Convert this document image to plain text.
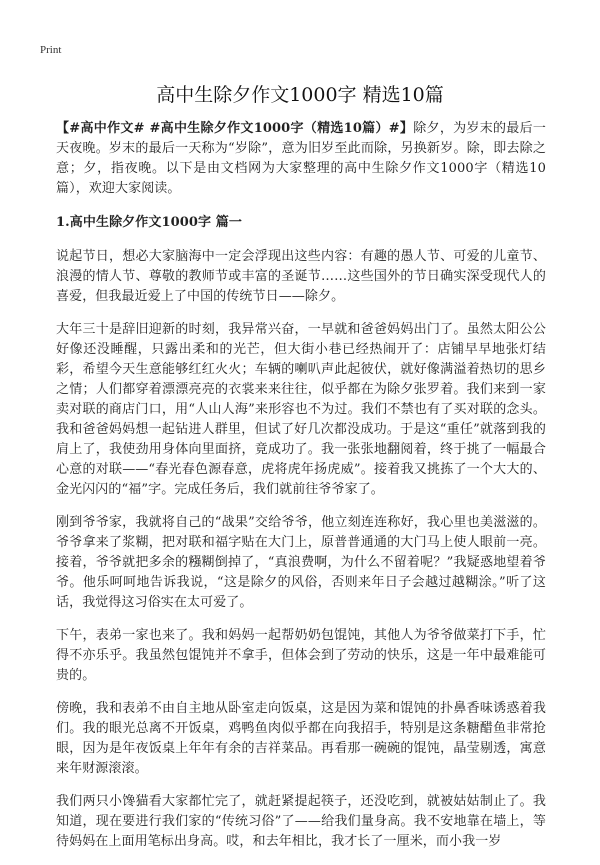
Print
高中生除夕作文1000字 精选10篇

【#高中作文# #高中生除夕作文1000字（精选10篇）#】除夕，为岁末的最后一天夜晚。岁末的最后一天称为“岁除”，意为旧岁至此而除，另换新岁。除，即去除之意；夕，指夜晚。以下是由文档网为大家整理的高中生除夕作文1000字（精选10篇），欢迎大家阅读。

1.高中生除夕作文1000字 篇一

说起节日，想必大家脑海中一定会浮现出这些内容：有趣的愚人节、可爱的儿童节、浪漫的情人节、尊敬的教师节或丰富的圣诞节……这些国外的节日确实深受现代人的喜爱，但我最近爱上了中国的传统节日——除夕。

大年三十是辞旧迎新的时刻，我异常兴奋，一早就和爸爸妈妈出门了。虽然太阳公公好像还没睡醒，只露出柔和的光芒，但大街小巷已经热闹开了：店铺早早地张灯结彩，希望今天生意能够红红火火；车辆的喇叭声此起彼伏，就好像满溢着热切的思乡之情；人们都穿着漂漂亮亮的衣裳来来往往，似乎都在为除夕张罗着。我们来到一家卖对联的商店门口，用“人山人海”来形容也不为过。我们不禁也有了买对联的念头。我和爸爸妈妈想一起钻进人群里，但试了好几次都没成功。于是这“重任”就落到我的肩上了，我使劲用身体向里面挤，竟成功了。我一张张地翻阅着，终于挑了一幅最合心意的对联——“春光春色源春意，虎将虎年扬虎威”。接着我又挑拣了一个大大的、金光闪闪的“福”字。完成任务后，我们就前往爷爷家了。

刚到爷爷家，我就将自己的“战果”交给爷爷，他立刻连连称好，我心里也美滋滋的。爷爷拿来了浆糊，把对联和福字贴在大门上，原普普通通的大门马上使人眼前一亮。接着，爷爷就把多余的糨糊倒掉了，“真浪费啊，为什么不留着呢？”我疑惑地望着爷爷。他乐呵呵地告诉我说，“这是除夕的风俗，否则来年日子会越过越糊涂。”听了这话，我觉得这习俗实在太可爱了。

下午，表弟一家也来了。我和妈妈一起帮奶奶包馄饨，其他人为爷爷做菜打下手，忙得不亦乐乎。我虽然包馄饨并不拿手，但体会到了劳动的快乐，这是一年中最难能可贵的。

傍晚，我和表弟不由自主地从卧室走向饭桌，这是因为菜和馄饨的扑鼻香味诱惑着我们。我的眼光总离不开饭桌，鸡鸭鱼肉似乎都在向我招手，特别是这条糖醋鱼非常抢眼，因为是年夜饭桌上年年有余的吉祥菜品。再看那一碗碗的馄饨，晶莹剔透，寓意来年财源滚滚。

我们两只小馋猫看大家都忙完了，就赶紧提起筷子，还没吃到，就被姑姑制止了。我知道，现在要进行我们家的“传统习俗”了——给我们量身高。我不安地靠在墙上，等待妈妈在上面用笔标出身高。哎，和去年相比，我才长了一厘米，而小我一岁
